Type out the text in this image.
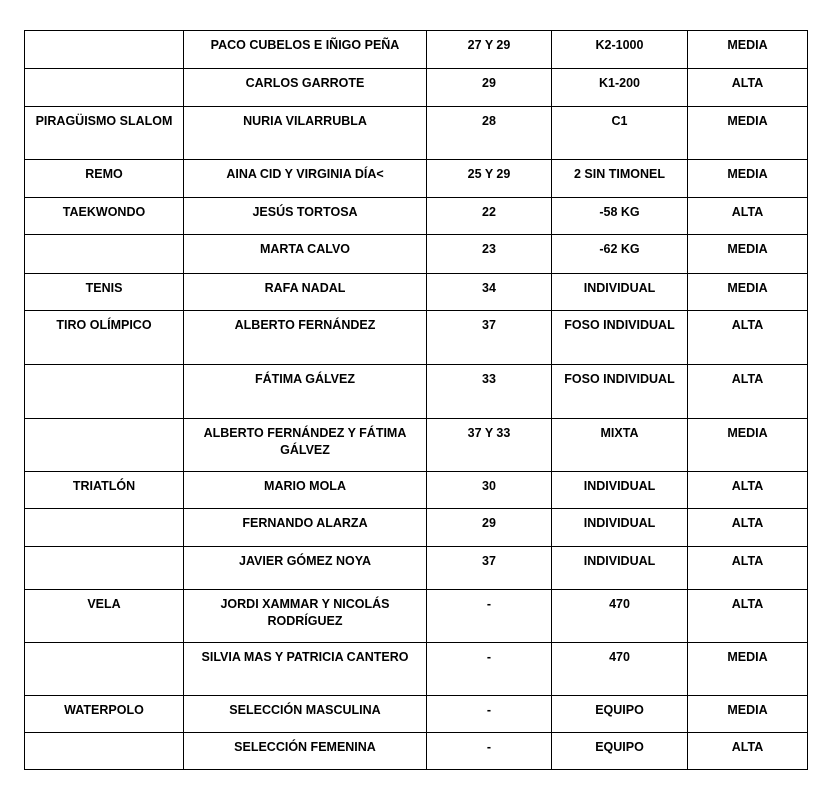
	PACO CUBELOS E IÑIGO PEÑA	27 Y 29	K2-1000	MEDIA
	CARLOS GARROTE	29	K1-200	ALTA
PIRAGÜISMO SLALOM	NURIA VILARRUBLA	28	C1	MEDIA
REMO	AINA CID Y VIRGINIA DÍA<	25 Y 29	2 SIN TIMONEL	MEDIA
TAEKWONDO	JESÚS TORTOSA	22	-58 KG	ALTA
	MARTA CALVO	23	-62 KG	MEDIA
TENIS	RAFA NADAL	34	INDIVIDUAL	MEDIA
TIRO OLÍMPICO	ALBERTO FERNÁNDEZ	37	FOSO INDIVIDUAL	ALTA
	FÁTIMA GÁLVEZ	33	FOSO INDIVIDUAL	ALTA
	ALBERTO FERNÁNDEZ Y FÁTIMA GÁLVEZ	37 Y 33	MIXTA	MEDIA
TRIATLÓN	MARIO MOLA	30	INDIVIDUAL	ALTA
	FERNANDO ALARZA	29	INDIVIDUAL	ALTA
	JAVIER GÓMEZ NOYA	37	INDIVIDUAL	ALTA
VELA	JORDI XAMMAR Y NICOLÁS RODRÍGUEZ	-	470	ALTA
	SILVIA MAS Y PATRICIA CANTERO	-	470	MEDIA
WATERPOLO	SELECCIÓN MASCULINA	-	EQUIPO	MEDIA
	SELECCIÓN FEMENINA	-	EQUIPO	ALTA
